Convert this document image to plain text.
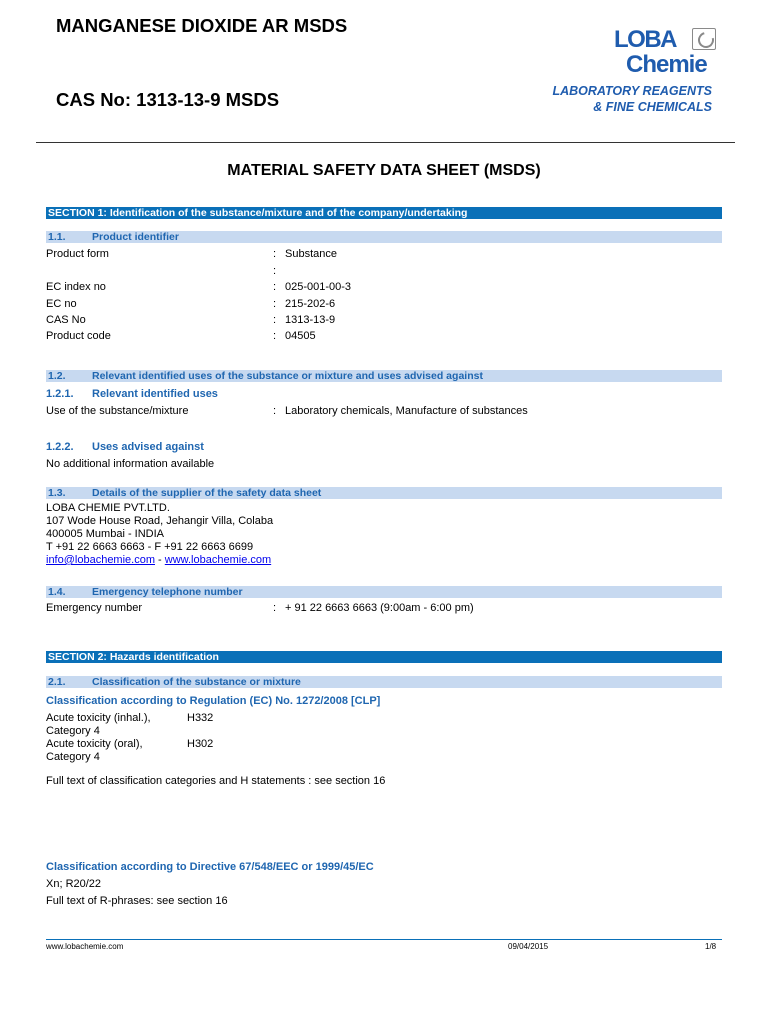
MANGANESE DIOXIDE AR MSDS
CAS No: 1313-13-9 MSDS
LOBA
Chemie
LABORATORY REAGENTS
& FINE CHEMICALS
MATERIAL SAFETY DATA SHEET (MSDS)
SECTION 1: Identification of the substance/mixture and of the company/undertaking
1.1.	Product identifier
Product form	: Substance
:
EC index no	: 025-001-00-3
EC no	: 215-202-6
CAS No	: 1313-13-9
Product code	: 04505
1.2.	Relevant identified uses of the substance or mixture and uses advised against
1.2.1. Relevant identified uses
Use of the substance/mixture	: Laboratory chemicals, Manufacture of substances
1.2.2. Uses advised against
No additional information available
1.3.	Details of the supplier of the safety data sheet
LOBA CHEMIE PVT.LTD.
107 Wode House Road, Jehangir Villa, Colaba
400005 Mumbai - INDIA
T +91 22 6663 6663 - F +91 22 6663 6699
info@lobachemie.com - www.lobachemie.com
1.4.	Emergency telephone number
Emergency number	: + 91 22 6663 6663 (9:00am - 6:00 pm)
SECTION 2: Hazards identification
2.1.	Classification of the substance or mixture
Classification according to Regulation (EC) No. 1272/2008 [CLP]
Acute toxicity (inhal.),	H332
Category 4
Acute toxicity (oral),	H302
Category 4
Full text of classification categories and H statements : see section 16
Classification according to Directive 67/548/EEC or 1999/45/EC
Xn; R20/22
Full text of R-phrases: see section 16
www.lobachemie.com	09/04/2015	1/8
